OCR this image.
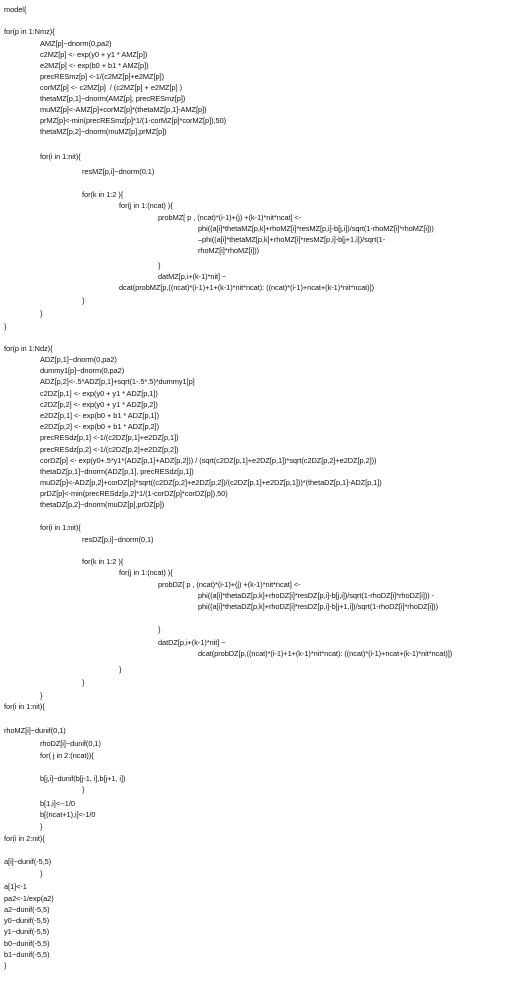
model{
for(p in 1:Nmz){
AMZ[p]~dnorm(0,pa2)
c2MZ[p] <- exp(y0 + y1 * AMZ[p])
e2MZ[p] <- exp(b0 + b1 * AMZ[p])
precRESmz[p] <-1/(c2MZ[p]+e2MZ[p])
corMZ[p] <- c2MZ[p]  / (c2MZ[p] + e2MZ[p] )
thetaMZ[p,1]~dnorm(AMZ[p], precRESmz[p])
muMZ[p]<-AMZ[p]+corMZ[p]*(thetaMZ[p,1]-AMZ[p])
prMZ[p]<-min(precRESmz[p]*1/(1-corMZ[p]*corMZ[p]),50)
thetaMZ[p,2]~dnorm(muMZ[p],prMZ[p])
for(i in 1:nit){
resMZ[p,i]~dnorm(0,1)
for(k in 1:2 ){
for(j in 1:(ncat) ){
probMZ[ p , (ncat)*(i-1)+(j) +(k-1)*nit*ncat] <-
phi((a[i]*thetaMZ[p,k]+rhoMZ[i]*resMZ[p,i]-b[j,i])/sqrt(1-rhoMZ[i]*rhoMZ[i]))
–phi((a[i]*thetaMZ[p,k]+rhoMZ[i]*resMZ[p,i]-b[j+1,i])/sqrt(1-
rhoMZ[i]*rhoMZ[i]))
}
datMZ[p,i+(k-1)*nit] ~
dcat(probMZ[p,((ncat)*(i-1)+1+(k-1)*nit*ncat): ((ncat)*(i-1)+ncat+(k-1)*nit*ncat)])
}
}
}
for(p in 1:Ndz){
ADZ[p,1]~dnorm(0,pa2)
dummy1[p]~dnorm(0,pa2)
ADZ[p,2]<-.5*ADZ[p,1]+sqrt(1-.5*.5)*dummy1[p]
c2DZ[p,1] <- exp(y0 + y1 * ADZ[p,1])
c2DZ[p,2] <- exp(y0 + y1 * ADZ[p,2])
e2DZ[p,1] <- exp(b0 + b1 * ADZ[p,1])
e2DZ[p,2] <- exp(b0 + b1 * ADZ[p,2])
precRESdz[p,1] <-1/(c2DZ[p,1]+e2DZ[p,1])
precRESdz[p,2] <-1/(c2DZ[p,2]+e2DZ[p,2])
corDZ[p] <- exp(y0+.5*y1*(ADZ[p,1]+ADZ[p,2])) / (sqrt(c2DZ[p,1]+e2DZ[p,1])*sqrt(c2DZ[p,2]+e2DZ[p,2]))
thetaDZ[p,1]~dnorm(ADZ[p,1], precRESdz[p,1])
muDZ[p]<-ADZ[p,2]+corDZ[p]*sqrt((c2DZ[p,2]+e2DZ[p,2])/(c2DZ[p,1]+e2DZ[p,1]))*(thetaDZ[p,1]-ADZ[p,1])
prDZ[p]<-min(precRESdz[p,2]*1/(1-corDZ[p]*corDZ[p]),50)
thetaDZ[p,2]~dnorm(muDZ[p],prDZ[p])
for(i in 1:nit){
resDZ[p,i]~dnorm(0,1)
for(k in 1:2 ){
for(j in 1:(ncat) ){
probDZ[ p , (ncat)*(i-1)+(j) +(k-1)*nit*ncat] <-
phi((a[i]*thetaDZ[p,k]+rhoDZ[i]*resDZ[p,i]-b[j,i])/sqrt(1-rhoDZ[i]*rhoDZ[i])) -
phi((a[i]*thetaDZ[p,k]+rhoDZ[i]*resDZ[p,i]-b[j+1,i])/sqrt(1-rhoDZ[i]*rhoDZ[i]))
}
datDZ[p,i+(k-1)*nit] ~
dcat(probDZ[p,((ncat)*(i-1)+1+(k-1)*nit*ncat): ((ncat)*(i-1)+ncat+(k-1)*nit*ncat)])
}
}
}
for(i in 1:nit){
rhoMZ[i]~dunif(0,1)
rhoDZ[i]~dunif(0,1)
for( j in 2:(ncat)){
b[j,i]~dunif(b[j-1, i],b[j+1, i])
}
b[1,i]<--1/0
b[(ncat+1),i]<-1/0
}
for(i in 2:nit){
a[i]~dunif(-5,5)
}
a[1]<-1
pa2<-1/exp(a2)
a2~dunif(-5,5)
y0~dunif(-5,5)
y1~dunif(-5,5)
b0~dunif(-5,5)
b1~dunif(-5,5)
}
